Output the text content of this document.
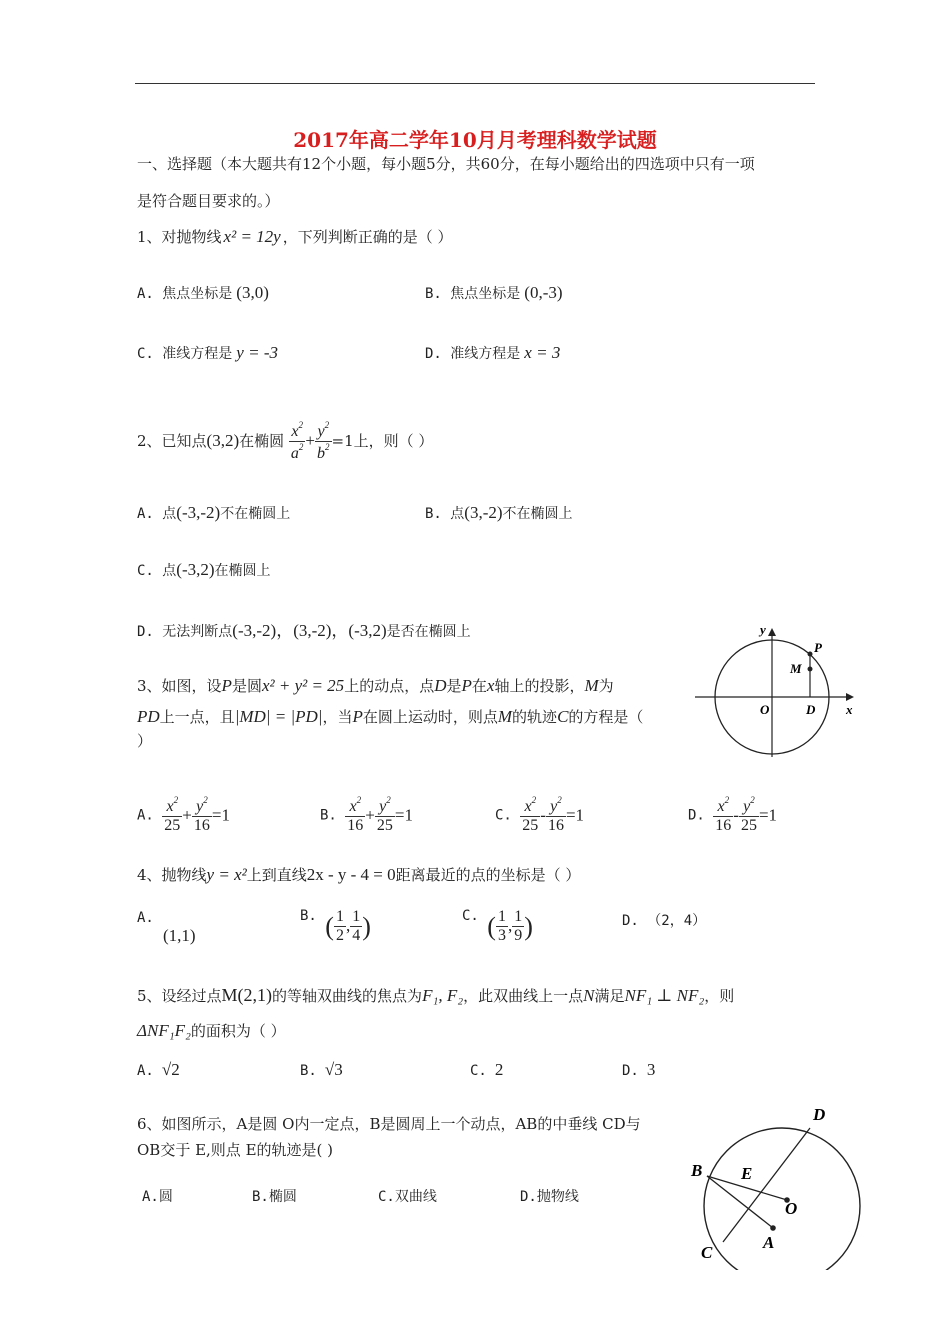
2017年高二学年10月月考理科数学试题
一、选择题（本大题共有12个小题，每小题5分，共60分，在每小题给出的四选项中只有一项
是符合题目要求的。）
1、对抛物线 x² = 12y ，下列判断正确的是（ ）
A. 焦点坐标是 (3,0)	B. 焦点坐标是 (0,-3)
C. 准线方程是 y = -3	D. 准线方程是 x = 3
2、已知点(3,2)在椭圆 $\frac{x^2}{a^2} + \frac{y^2}{b^2} =1$上，则（ ）
A. 点(-3,-2)不在椭圆上	B. 点(3,-2)不在椭圆上
C. 点(-3,2)在椭圆上
D. 无法判断点(-3,-2)，(3,-2)，(-3,2)是否在椭圆上	y
P
M
O	D x
3、如图，设P是圆x² + y² = 25上的动点，点D是P在x轴上的投影，M为
PD上一点，且|MD| = |PD|，当P在圆上运动时，则点M的轨迹C的方程是（
）
A. $\frac{x^2}{25} + \frac{y^2}{16} =1$	B. $\frac{x^2}{16} + \frac{y^2}{25} =1$	C. $\frac{x^2}{25} - \frac{y^2}{16} =1$	D. $\frac{x^2}{16} - \frac{y^2}{25} =1$
4、抛物线y = x²上到直线2x - y - 4 = 0距离最近的点的坐标是（ ）
A.
(1,1)
B. ( $\frac{1}{2}$ , $\frac{1}{4}$ )	C. ( $\frac{1}{3}$ , $\frac{1}{9}$ )	D. （2，4）
5、设经过点M(2,1)的等轴双曲线的焦点为F₁, F₂，此双曲线上一点N满足NF₁ ⊥ NF₂，则
ΔNF₁F₂的面积为（ ）
A. √2	B. √3	C. 2	D. 3
6、如图所示，A是圆 O内一定点，B是圆周上一个动点，AB的中垂线 CD与
OB交于 E,则点 E的轨迹是( )
A.圆	B.椭圆	C.双曲线	D.抛物线
D
B E
O
A
C
